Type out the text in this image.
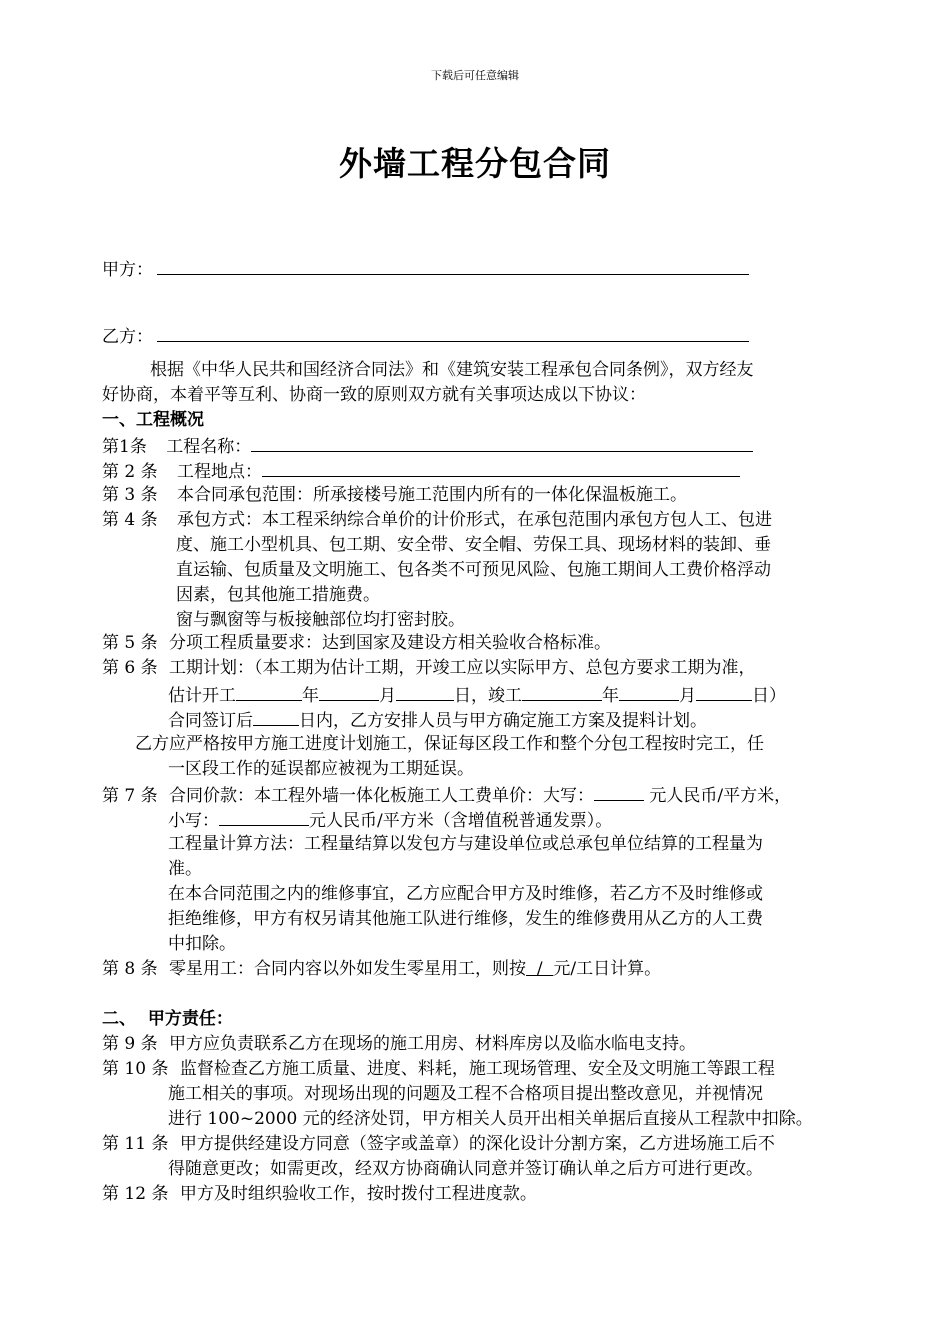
下载后可任意编辑
外墙工程分包合同
甲方：
乙方：
根据《中华人民共和国经济合同法》和《建筑安装工程承包合同条例》，双方经友
好协商，本着平等互利、协商一致的原则双方就有关事项达成以下协议：
一、工程概况
第1条 工程名称：
第 2 条 工程地点：
第 3 条 本合同承包范围：所承接楼号施工范围内所有的一体化保温板施工。
第 4 条 承包方式：本工程采纳综合单价的计价形式，在承包范围内承包方包人工、包进
度、施工小型机具、包工期、安全带、安全帽、劳保工具、现场材料的装卸、垂
直运输、包质量及文明施工、包各类不可预见风险、包施工期间人工费价格浮动
因素，包其他施工措施费。
窗与飘窗等与板接触部位均打密封胶。
第 5 条 分项工程质量要求：达到国家及建设方相关验收合格标准。
第 6 条 工期计划：（本工期为估计工期，开竣工应以实际甲方、总包方要求工期为准，
估计开工	年	月	日，竣工	年	月	日）
合同签订后	日内，乙方安排人员与甲方确定施工方案及提料计划。
乙方应严格按甲方施工进度计划施工，保证每区段工作和整个分包工程按时完工，任
一区段工作的延误都应被视为工期延误。
第 7 条 合同价款：本工程外墙一体化板施工人工费单价：大写：	元人民币/平方米，
小写：	元人民币/平方米（含增值税普通发票）。
工程量计算方法：工程量结算以发包方与建设单位或总承包单位结算的工程量为
准。
在本合同范围之内的维修事宜，乙方应配合甲方及时维修，若乙方不及时维修或
拒绝维修，甲方有权另请其他施工队进行维修，发生的维修费用从乙方的人工费
中扣除。
第 8 条 零星用工：合同内容以外如发生零星用工，则按  /  元/工日计算。
二、  甲方责任：
第 9 条 甲方应负责联系乙方在现场的施工用房、材料库房以及临水临电支持。
第 10 条 监督检查乙方施工质量、进度、料耗，施工现场管理、安全及文明施工等跟工程
施工相关的事项。对现场出现的问题及工程不合格项目提出整改意见，并视情况
进行 100~2000 元的经济处罚，甲方相关人员开出相关单据后直接从工程款中扣除。
第 11 条 甲方提供经建设方同意（签字或盖章）的深化设计分割方案，乙方进场施工后不
得随意更改；如需更改，经双方协商确认同意并签订确认单之后方可进行更改。
第 12 条 甲方及时组织验收工作，按时拨付工程进度款。
